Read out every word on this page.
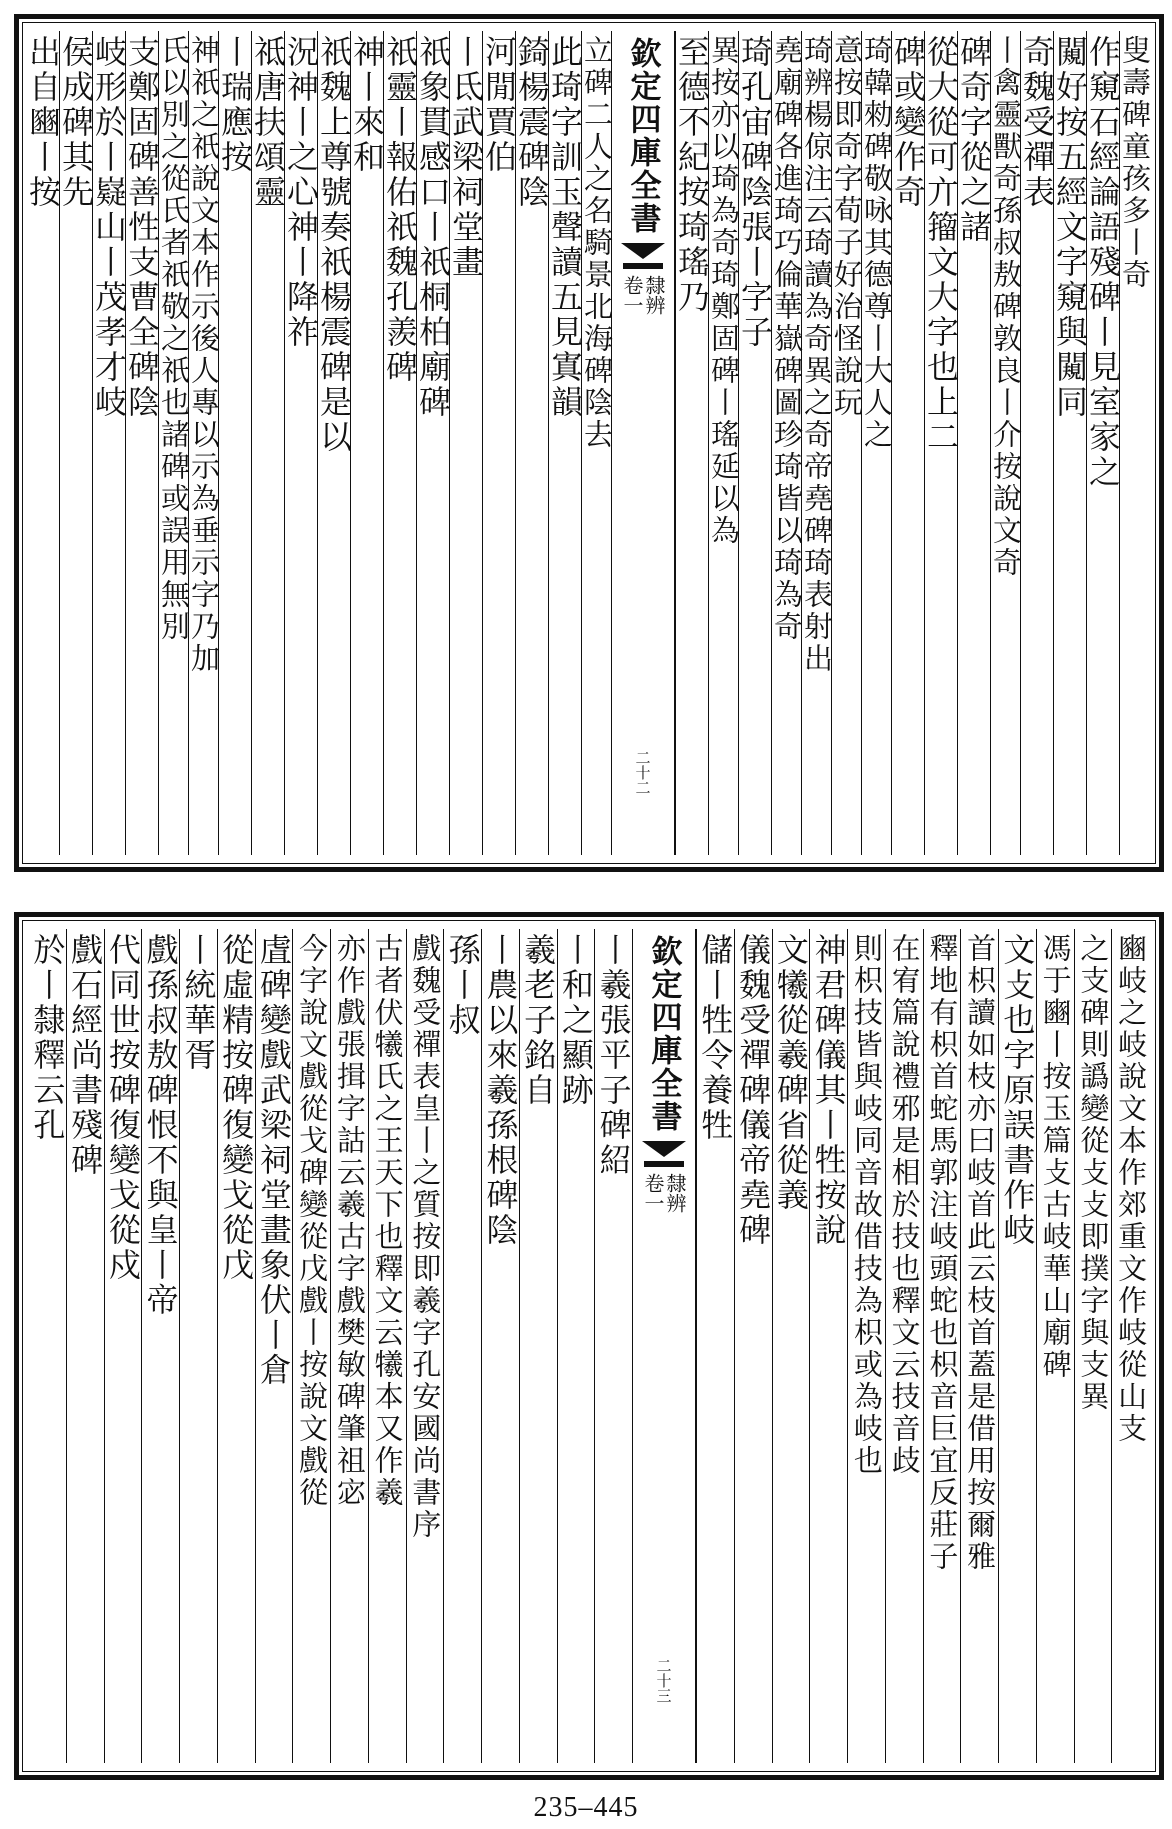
叟壽碑童孩多丨奇
作窺石經論語殘碑丨見室家之
闚好按五經文字窺與闚同
奇魏受禪表
丨禽靈獸奇孫叔敖碑敦良丨介按說文奇
碑奇字從之諸
從大從可亣籀文大字也上二
碑或變作奇
琦韓勑碑敬咏其德尊丨大人之
意按即奇字荀子好治怪說玩
琦辨楊倞注云琦讀為奇異之奇帝堯碑琦表射出
堯廟碑各進琦巧倫華嶽碑圖珍琦皆以琦為奇
琦孔宙碑陰張丨字子
異按亦以琦為奇琦鄭固碑丨瑤延以為
至德不紀按琦瑤乃
欽定四庫全書
隸辨
卷一
二十二
立碑二人之名騎景北海碑陰去
此琦字訓玉聲讀五見寘韻
錡楊震碑陰
河閒賈伯
丨氐武梁祠堂畫
祇象貫感口丨祇桐柏廟碑
祇靈丨報佑祇魏孔羨碑
神丨來和
祇魏上尊號奏祇楊震碑是以
況神丨之心神丨降祚
祗唐扶頌靈
丨瑞應按
神祇之祇說文本作示後人專以示為垂示字乃加
氏以別之從氏者祇敬之祇也諸碑或誤用無別
支鄭固碑善性支曹全碑陰
岐形於丨嶷山丨茂孝才岐
侯成碑其先
出自豳丨按
豳岐之岐說文本作郊重文作岐從山支
之支碑則譌變從攴攴即撲字與支異
馮于豳丨按玉篇攴古岐華山廟碑
文攴也字原誤書作岐
首枳讀如枝亦曰岐首此云枝首蓋是借用按爾雅
釋地有枳首蛇馬郭注岐頭蛇也枳音巨宜反莊子
在宥篇說禮邪是相於技也釋文云技音歧
則枳技皆與岐同音故借技為枳或為岐也
神君碑儀其丨牲按說
文犧從羲碑省從義
儀魏受禪碑儀帝堯碑
儲丨牲令養牲
欽定四庫全書
隸辨
卷一
二十三
丨羲張平子碑紹
丨和之顯跡
羲老子銘自
丨農以來羲孫根碑陰
孫丨叔
戲魏受禪表皇丨之質按即羲字孔安國尚書序
古者伏犧氏之王天下也釋文云犧本又作羲
亦作戲張揖字詁云羲古字戲樊敏碑肇祖宓
今字說文戲從戈碑變從戊戲丨按說文戲從
虘碑變戲武梁祠堂畫象伏丨倉
從虛精按碑復變戈從戊
丨統華胥
戲孫叔敖碑恨不與皇丨帝
代同世按碑復變戈從戍
戲石經尚書殘碑
於丨隸釋云孔
235–445
